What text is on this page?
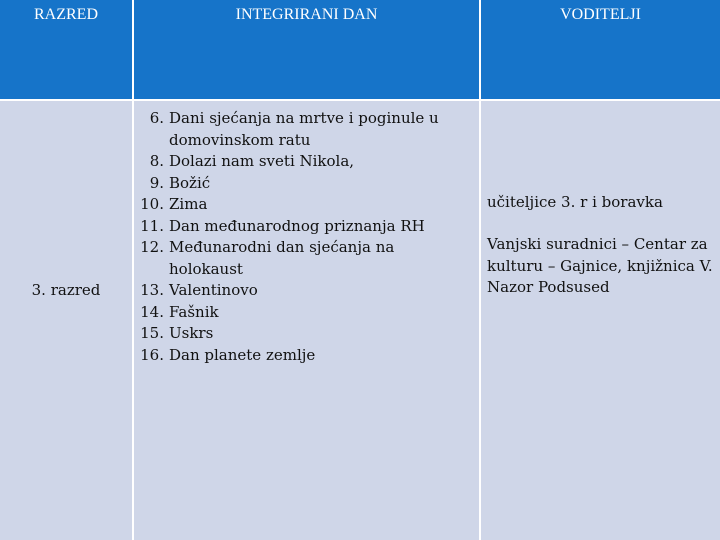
RAZRED	INTEGRIRANI DAN	VODITELJI
3. razred
6. Dani sjećanja na mrtve i poginule u domovinskom ratu
8. Dolazi nam sveti Nikola,
9. Božić
10. Zima
11. Dan međunarodnog priznanja RH
12. Međunarodni dan sjećanja na holokaust
13. Valentinovo
14. Fašnik
15. Uskrs
16. Dan planete zemlje
učiteljice 3. r i boravka
Vanjski suradnici – Centar za kulturu – Gajnice, knjižnica V. Nazor Podsused
